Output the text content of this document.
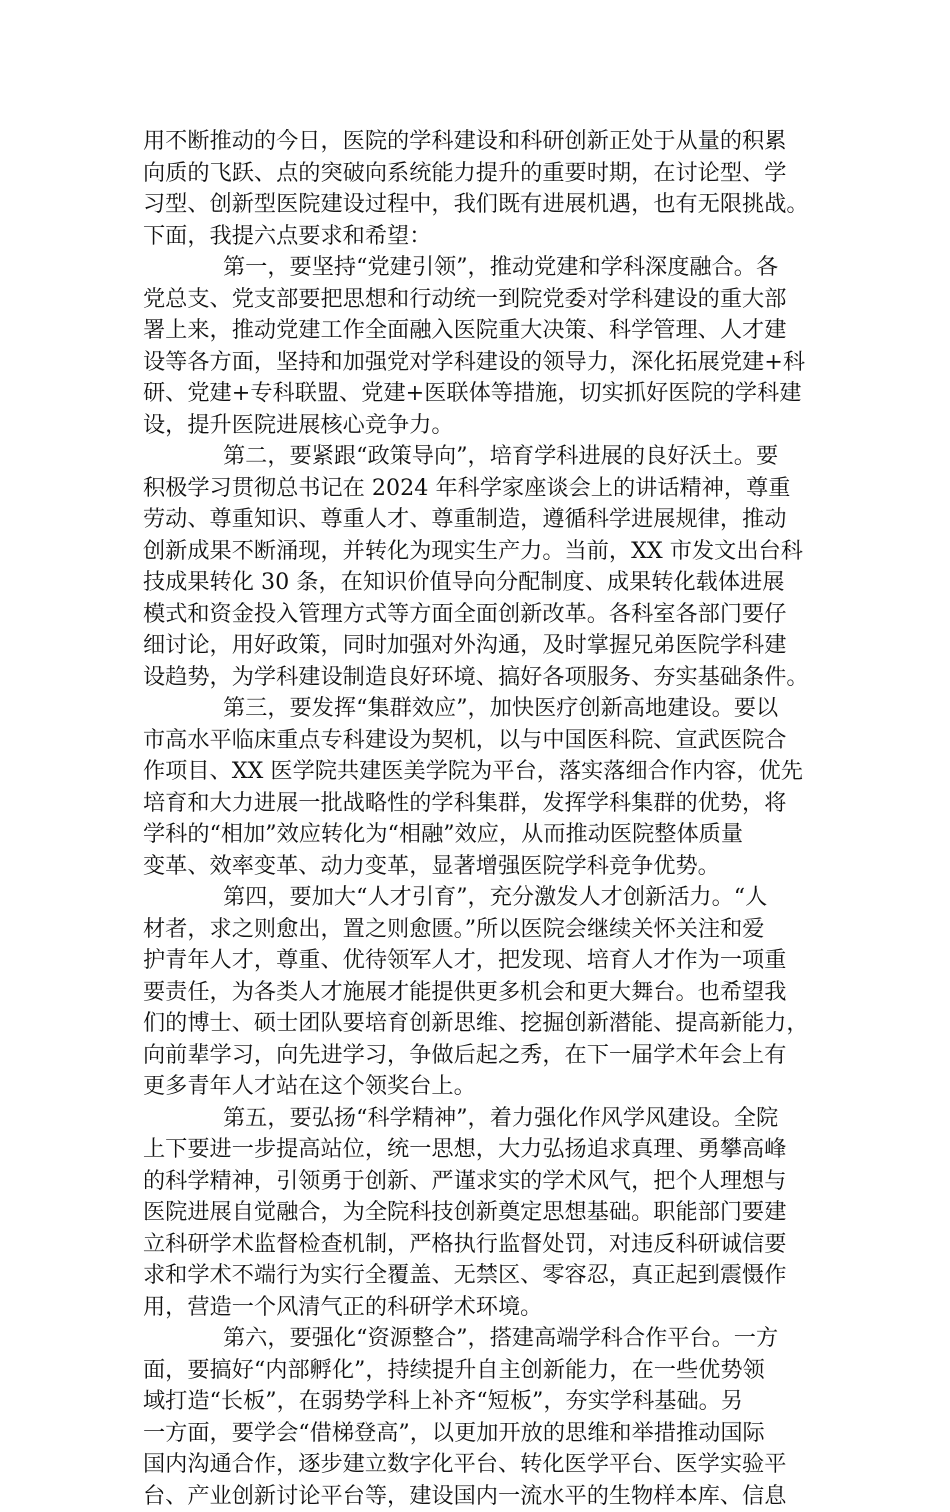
用不断推动的今日，医院的学科建设和科研创新正处于从量的积累
向质的飞跃、点的突破向系统能力提升的重要时期，在讨论型、学
习型、创新型医院建设过程中，我们既有进展机遇，也有无限挑战。
下面，我提六点要求和希望：
第一，要坚持“党建引领”，推动党建和学科深度融合。各
党总支、党支部要把思想和行动统一到院党委对学科建设的重大部
署上来，推动党建工作全面融入医院重大决策、科学管理、人才建
设等各方面，坚持和加强党对学科建设的领导力，深化拓展党建+科
研、党建+专科联盟、党建+医联体等措施，切实抓好医院的学科建
设，提升医院进展核心竞争力。
第二，要紧跟“政策导向”，培育学科进展的良好沃土。要
积极学习贯彻总书记在 2024 年科学家座谈会上的讲话精神，尊重
劳动、尊重知识、尊重人才、尊重制造，遵循科学进展规律，推动
创新成果不断涌现，并转化为现实生产力。当前，XX 市发文出台科
技成果转化 30 条，在知识价值导向分配制度、成果转化载体进展
模式和资金投入管理方式等方面全面创新改革。各科室各部门要仔
细讨论，用好政策，同时加强对外沟通，及时掌握兄弟医院学科建
设趋势，为学科建设制造良好环境、搞好各项服务、夯实基础条件。
第三，要发挥“集群效应”，加快医疗创新高地建设。要以
市高水平临床重点专科建设为契机，以与中国医科院、宣武医院合
作项目、XX 医学院共建医美学院为平台，落实落细合作内容，优先
培育和大力进展一批战略性的学科集群，发挥学科集群的优势，将
学科的“相加”效应转化为“相融”效应，从而推动医院整体质量
变革、效率变革、动力变革，显著增强医院学科竞争优势。
第四，要加大“人才引育”，充分激发人才创新活力。“人
材者，求之则愈出，置之则愈匮。”所以医院会继续关怀关注和爱
护青年人才，尊重、优待领军人才，把发现、培育人才作为一项重
要责任，为各类人才施展才能提供更多机会和更大舞台。也希望我
们的博士、硕士团队要培育创新思维、挖掘创新潜能、提高新能力，
向前辈学习，向先进学习，争做后起之秀，在下一届学术年会上有
更多青年人才站在这个领奖台上。
第五，要弘扬“科学精神”，着力强化作风学风建设。全院
上下要进一步提高站位，统一思想，大力弘扬追求真理、勇攀高峰
的科学精神，引领勇于创新、严谨求实的学术风气，把个人理想与
医院进展自觉融合，为全院科技创新奠定思想基础。职能部门要建
立科研学术监督检查机制，严格执行监督处罚，对违反科研诚信要
求和学术不端行为实行全覆盖、无禁区、零容忍，真正起到震慑作
用，营造一个风清气正的科研学术环境。
第六，要强化“资源整合”，搭建高端学科合作平台。一方
面，要搞好“内部孵化”，持续提升自主创新能力，在一些优势领
域打造“长板”，在弱势学科上补齐“短板”，夯实学科基础。另
一方面，要学会“借梯登高”，以更加开放的思维和举措推动国际
国内沟通合作，逐步建立数字化平台、转化医学平台、医学实验平
台、产业创新讨论平台等，建设国内一流水平的生物样本库、信息
